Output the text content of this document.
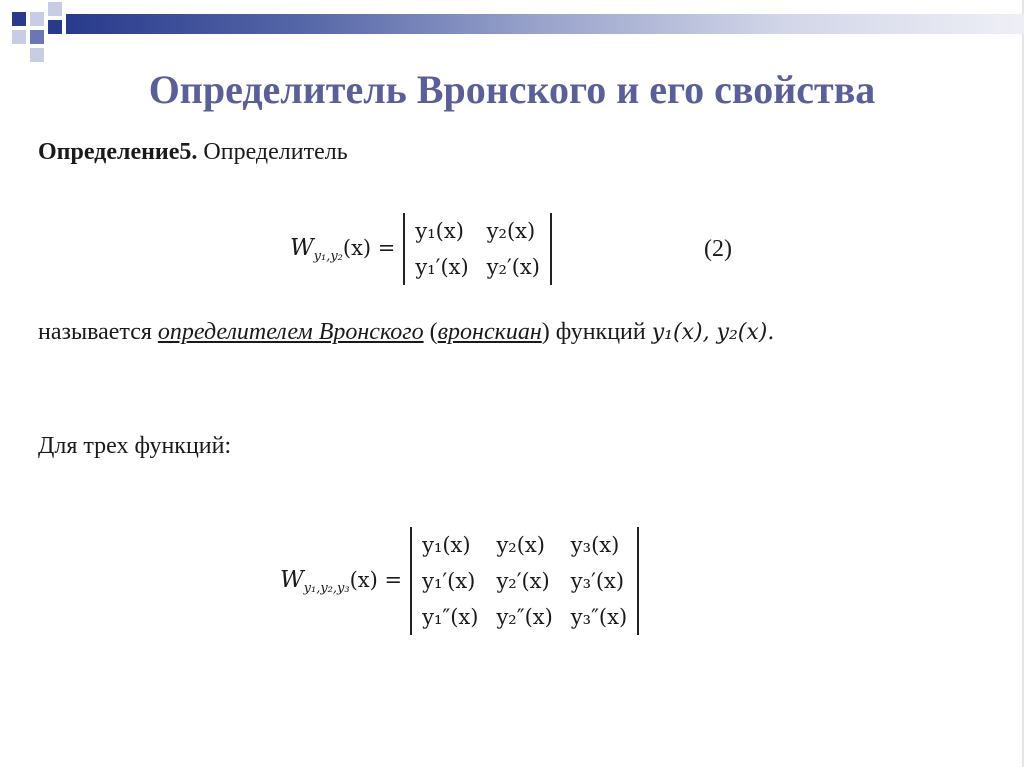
Определитель Вронского и его свойства
Определение5. Определитель
$W_{y_1,y_2}(x)$ =
y₁(x)	y₂(x)
y₁′(x)	y₂′(x)
(2)
называется определителем Вронского (вронскиан) функций y₁(x), y₂(x).
Для трех функций:
$W_{y_1,y_2,y_3}(x)$ =
y₁(x)	y₂(x)	y₃(x)
y₁′(x)	y₂′(x)	y₃′(x)
y₁″(x)	y₂″(x)	y₃″(x)
